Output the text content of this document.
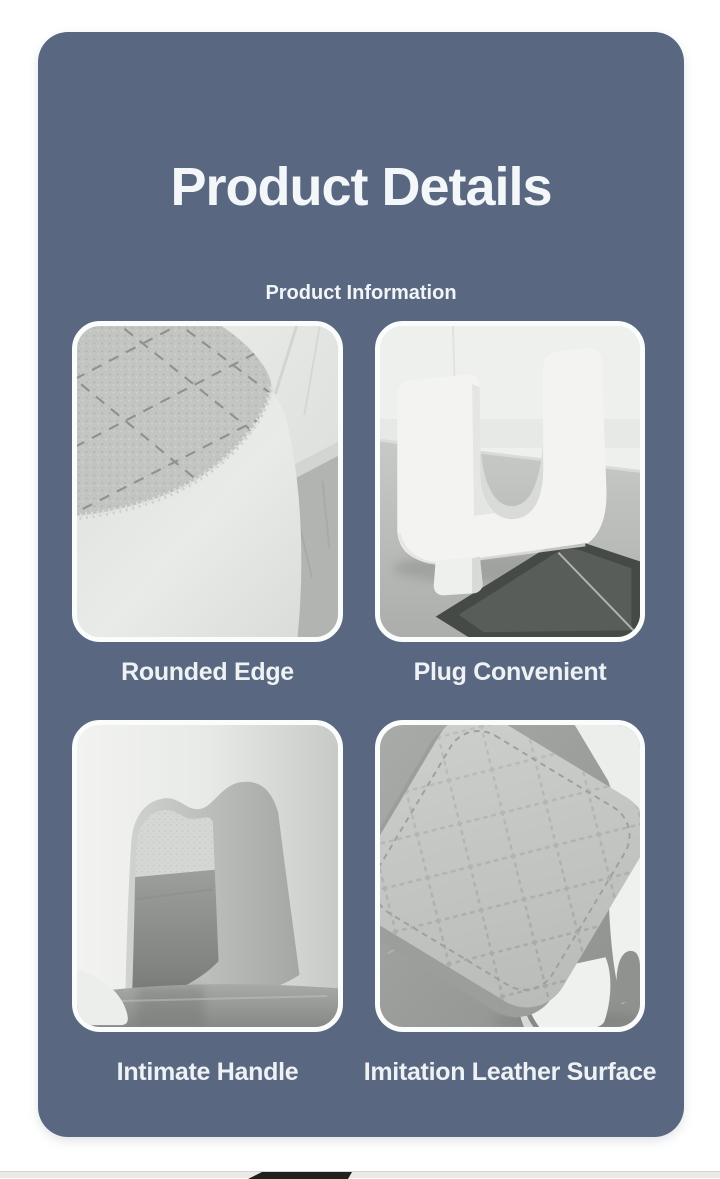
Product Details
Product Information
Rounded Edge	Plug Convenient
Intimate Handle	Imitation Leather Surface
